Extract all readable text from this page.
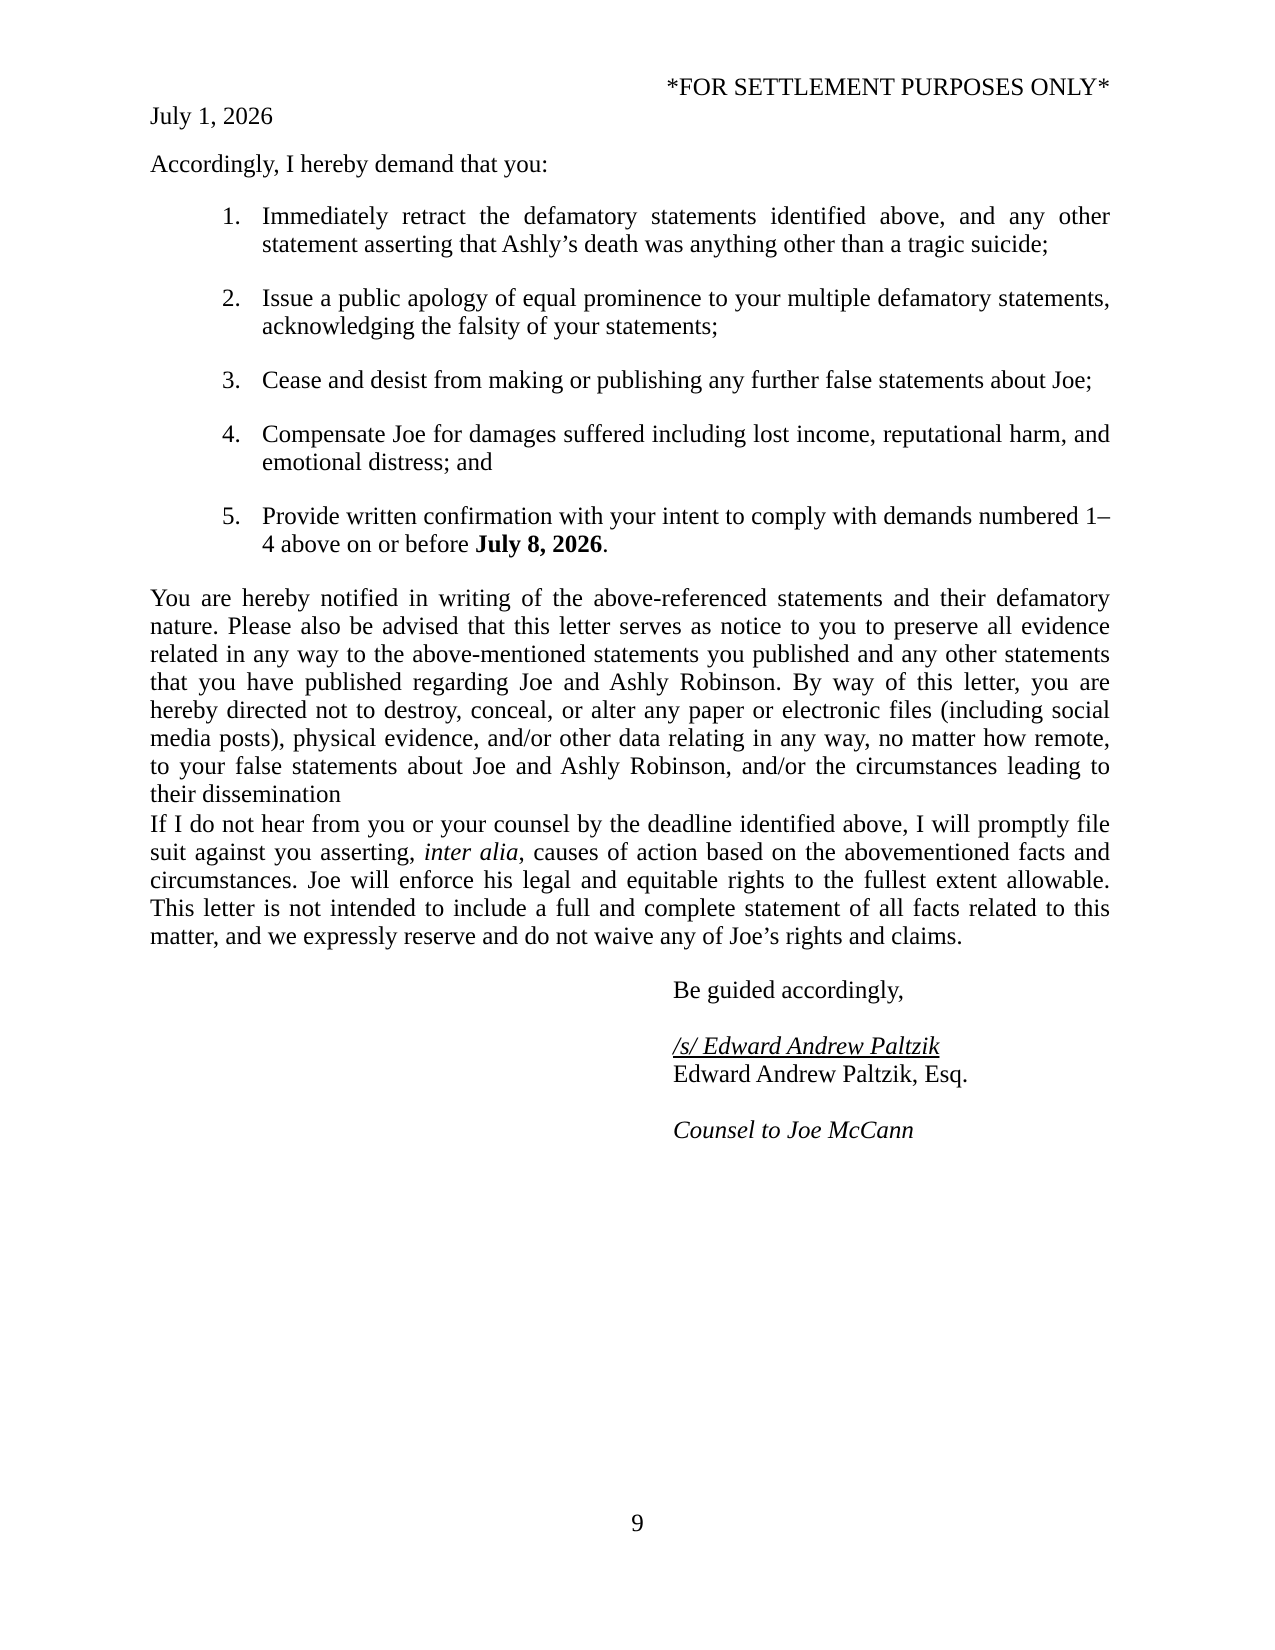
*FOR SETTLEMENT PURPOSES ONLY*
July 1, 2026
Accordingly, I hereby demand that you:
1. Immediately retract the defamatory statements identified above, and any other statement asserting that Ashly’s death was anything other than a tragic suicide;
2. Issue a public apology of equal prominence to your multiple defamatory statements, acknowledging the falsity of your statements;
3. Cease and desist from making or publishing any further false statements about Joe;
4. Compensate Joe for damages suffered including lost income, reputational harm, and emotional distress; and
5. Provide written confirmation with your intent to comply with demands numbered 1–4 above on or before July 8, 2026.

You are hereby notified in writing of the above-referenced statements and their defamatory nature. Please also be advised that this letter serves as notice to you to preserve all evidence related in any way to the above-mentioned statements you published and any other statements that you have published regarding Joe and Ashly Robinson. By way of this letter, you are hereby directed not to destroy, conceal, or alter any paper or electronic files (including social media posts), physical evidence, and/or other data relating in any way, no matter how remote, to your false statements about Joe and Ashly Robinson, and/or the circumstances leading to their dissemination

If I do not hear from you or your counsel by the deadline identified above, I will promptly file suit against you asserting, inter alia, causes of action based on the abovementioned facts and circumstances. Joe will enforce his legal and equitable rights to the fullest extent allowable. This letter is not intended to include a full and complete statement of all facts related to this matter, and we expressly reserve and do not waive any of Joe’s rights and claims.

Be guided accordingly,
/s/ Edward Andrew Paltzik
Edward Andrew Paltzik, Esq.
Counsel to Joe McCann
9
